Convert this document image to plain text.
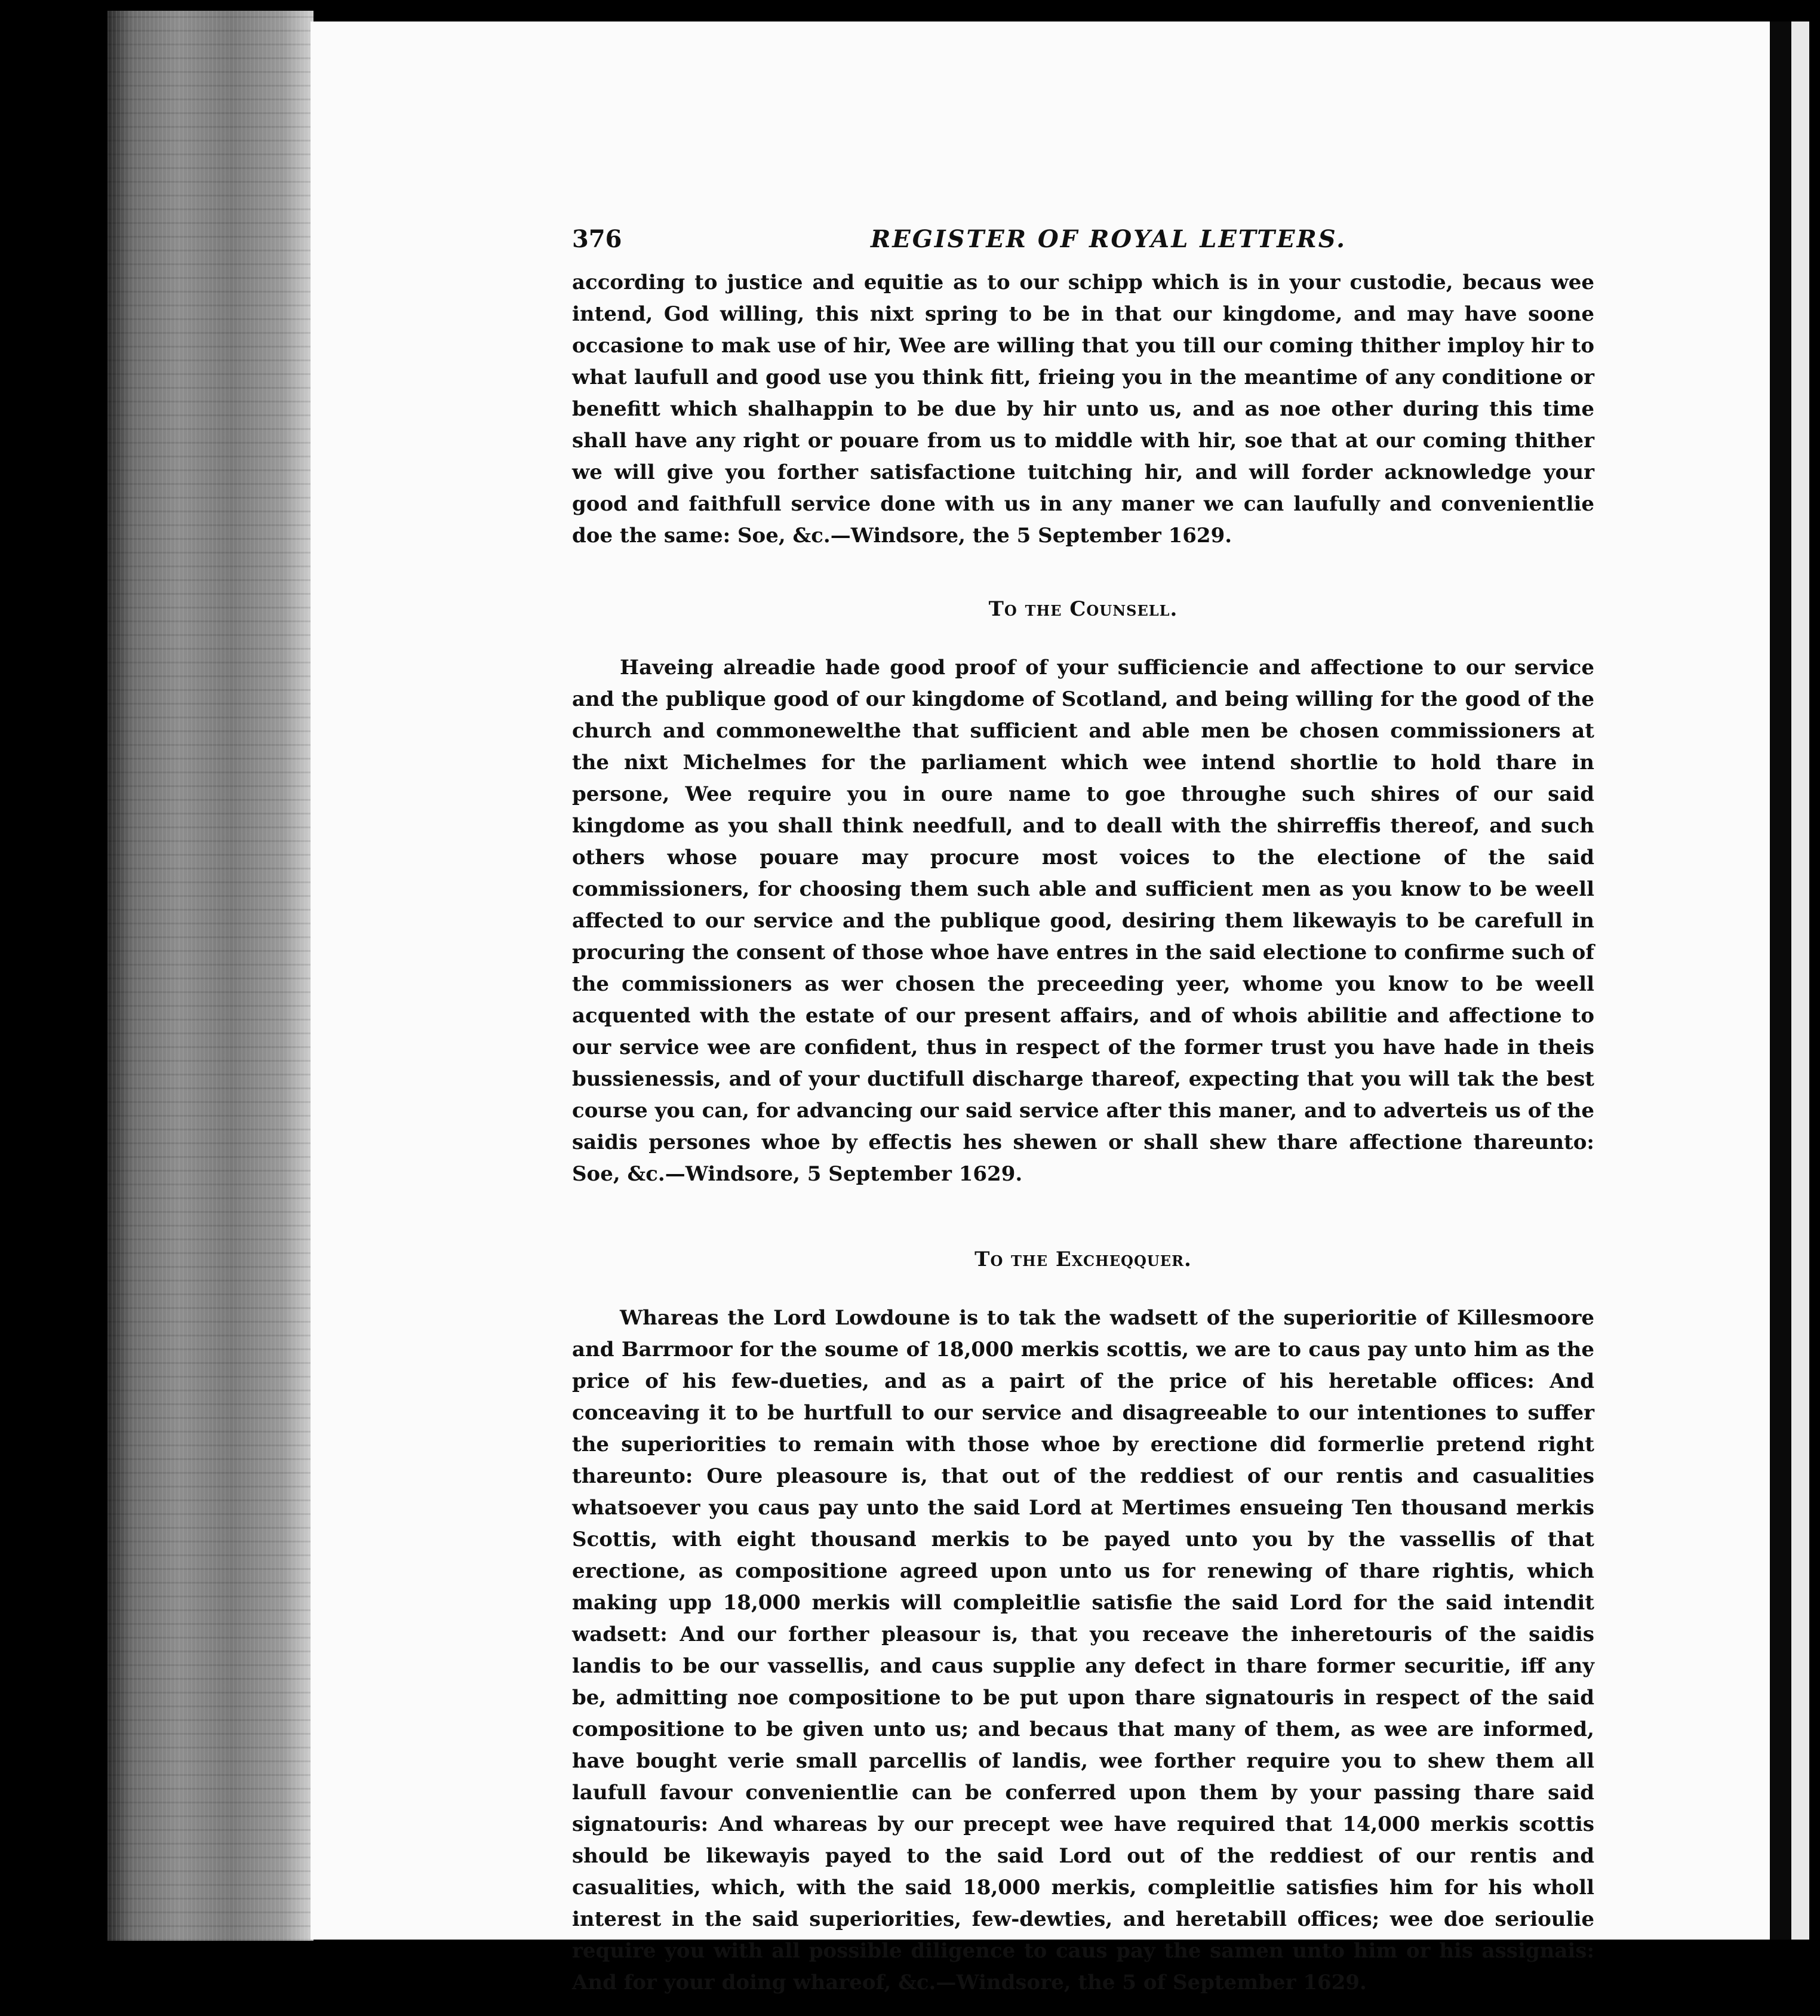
376	REGISTER OF ROYAL LETTERS.

according to justice and equitie as to our schipp which is in your custodie, becaus wee intend, God willing, this nixt spring to be in that our kingdome, and may have soone occasione to mak use of hir, Wee are willing that you till our coming thither imploy hir to what laufull and good use you think fitt, frieing you in the meantime of any conditione or benefitt which shalhappin to be due by hir unto us, and as noe other during this time shall have any right or pouare from us to middle with hir, soe that at our coming thither we will give you forther satisfactione tuitching hir, and will forder acknowledge your good and faithfull service done with us in any maner we can laufully and convenientlie doe the same: Soe, &c.—Windsore, the 5 September 1629.

To the Counsell.

Haveing alreadie hade good proof of your sufficiencie and affectione to our service and the publique good of our kingdome of Scotland, and being willing for the good of the church and commonewelthe that sufficient and able men be chosen commissioners at the nixt Michelmes for the parliament which wee intend shortlie to hold thare in persone, Wee require you in oure name to goe throughe such shires of our said kingdome as you shall think needfull, and to deall with the shirreffis thereof, and such others whose pouare may procure most voices to the electione of the said commissioners, for choosing them such able and sufficient men as you know to be weell affected to our service and the publique good, desiring them likewayis to be carefull in procuring the consent of those whoe have entres in the said electione to confirme such of the commissioners as wer chosen the preceeding yeer, whome you know to be weell acquented with the estate of our present affairs, and of whois abilitie and affectione to our service wee are confident, thus in respect of the former trust you have hade in theis bussienessis, and of your ductifull discharge thareof, expecting that you will tak the best course you can, for advancing our said service after this maner, and to adverteis us of the saidis persones whoe by effectis hes shewen or shall shew thare affectione thareunto: Soe, &c.—Windsore, 5 September 1629.

To the Excheqquer.

Whareas the Lord Lowdoune is to tak the wadsett of the superioritie of Killesmoore and Barrmoor for the soume of 18,000 merkis scottis, we are to caus pay unto him as the price of his few-dueties, and as a pairt of the price of his heretable offices: And conceaving it to be hurtfull to our service and disagreeable to our intentiones to suffer the superiorities to remain with those whoe by erectione did formerlie pretend right thareunto: Oure pleasoure is, that out of the reddiest of our rentis and casualities whatsoever you caus pay unto the said Lord at Mertimes ensueing Ten thousand merkis Scottis, with eight thousand merkis to be payed unto you by the vassellis of that erectione, as compositione agreed upon unto us for renewing of thare rightis, which making upp 18,000 merkis will compleitlie satisfie the said Lord for the said intendit wadsett: And our forther pleasour is, that you receave the inheretouris of the saidis landis to be our vassellis, and caus supplie any defect in thare former securitie, iff any be, admitting noe compositione to be put upon thare signatouris in respect of the said compositione to be given unto us; and becaus that many of them, as wee are informed, have bought verie small parcellis of landis, wee forther require you to shew them all laufull favour convenientlie can be conferred upon them by your passing thare said signatouris: And whareas by our precept wee have required that 14,000 merkis scottis should be likewayis payed to the said Lord out of the reddiest of our rentis and casualities, which, with the said 18,000 merkis, compleitlie satisfies him for his wholl interest in the said superiorities, few-dewties, and heretabill offices; wee doe serioulie require you with all possible diligence to caus pay the samen unto him or his assignais: And for your doing whareof, &c.—Windsore, the 5 of September 1629.
